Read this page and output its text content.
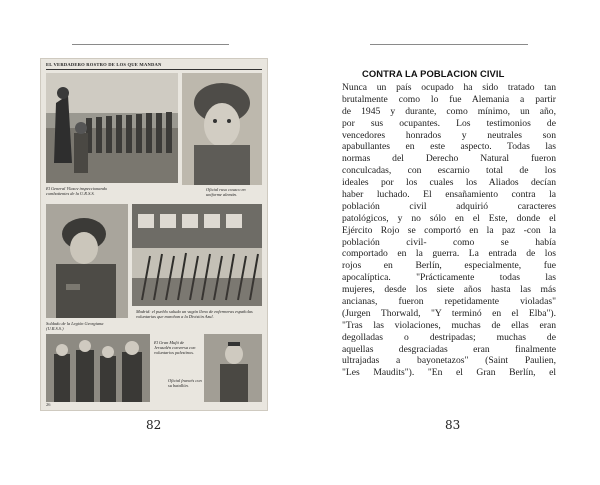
EL VERDADERO ROSTRO DE LOS QUE MANDAN
El General Vlasov inspeccionando combatientes de la U.R.S.S.
Oficial ruso cosaco en uniforme alemán.
Soldado de la Legión Georgiana (U.R.S.S.)
Madrid: el pueblo saluda un vagón lleno de enfermeras españolas voluntarias que marchan a la División Azul.
El Gran Mufti de Jerusalén conversa con voluntarios palestinos.
Oficial francés con su batallón.
26
82
CONTRA LA POBLACION CIVIL
Nunca un país ocupado ha sido tratado tan
brutalmente como lo fue Alemania a partir
de 1945 y durante, como mínimo, un año,
por sus ocupantes. Los testimonios de
vencedores honrados y neutrales son
apabullantes en este aspecto. Todas las
normas del Derecho Natural fueron
conculcadas, con escarnio total de los
ideales por los cuales los Aliados decían
haber luchado. El ensañamiento contra la
población civil adquirió caracteres
patológicos, y no sólo en el Este, donde el
Ejército Rojo se comportó en la paz -con la
población civil- como se había
comportado en la guerra. La entrada de los
rojos en Berlín, especialmente, fue
apocalíptica. "Prácticamente todas las
mujeres, desde los siete años hasta las más
ancianas, fueron repetidamente violadas"
(Jurgen Thorwald, "Y terminó en el Elba").
"Tras las violaciones, muchas de ellas eran
degolladas o destripadas; muchas de
aquellas desgraciadas eran finalmente
ultrajadas a bayonetazos" (Saint Paulien,
"Les Maudits"). "En el Gran Berlín, el
83
